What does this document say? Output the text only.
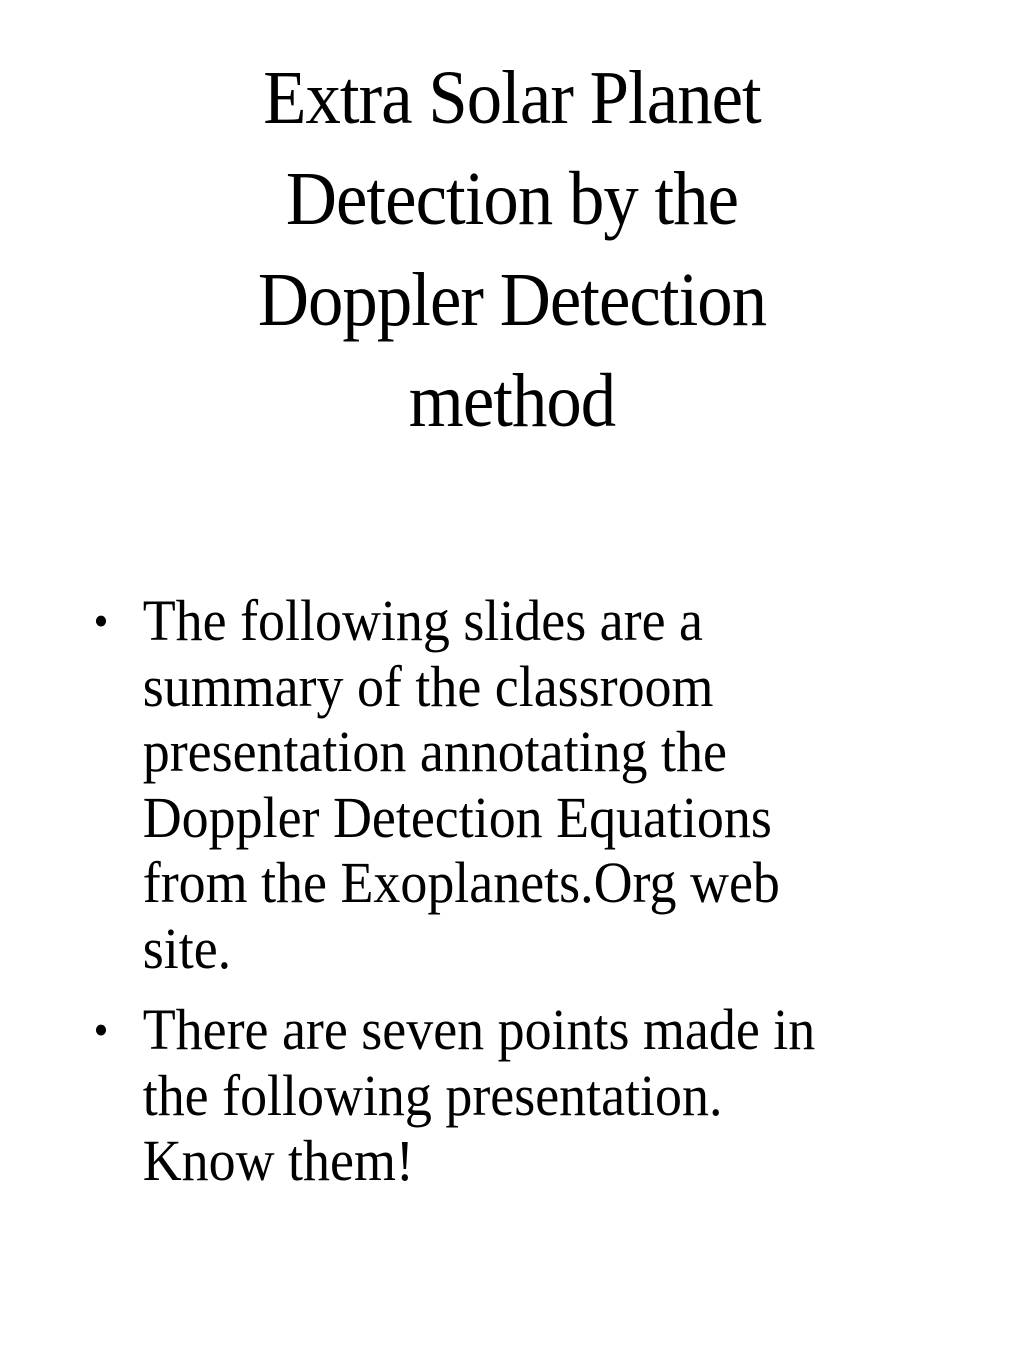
Extra Solar Planet
Detection by the
Doppler Detection
method
• The following slides are a
summary of the classroom
presentation annotating the
Doppler Detection Equations
from the Exoplanets.Org web
site.
• There are seven points made in
the following presentation.
Know them!
